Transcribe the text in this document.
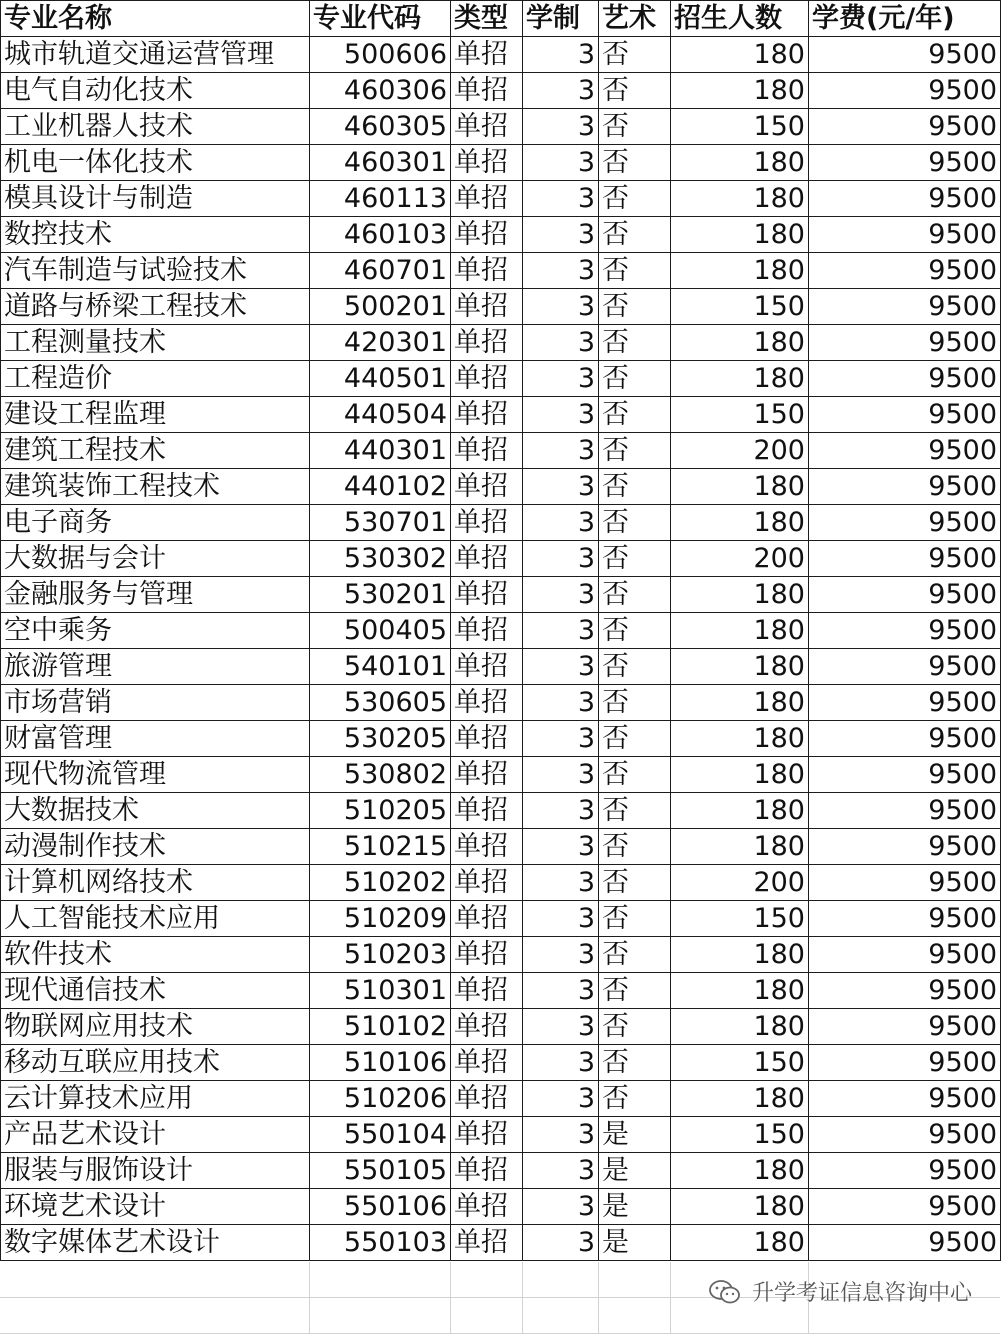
专业名称	专业代码	类型	学制	艺术	招生人数	学费(元/年)
城市轨道交通运营管理	500606	单招	3	否	180	9500
电气自动化技术	460306	单招	3	否	180	9500
工业机器人技术	460305	单招	3	否	150	9500
机电一体化技术	460301	单招	3	否	180	9500
模具设计与制造	460113	单招	3	否	180	9500
数控技术	460103	单招	3	否	180	9500
汽车制造与试验技术	460701	单招	3	否	180	9500
道路与桥梁工程技术	500201	单招	3	否	150	9500
工程测量技术	420301	单招	3	否	180	9500
工程造价	440501	单招	3	否	180	9500
建设工程监理	440504	单招	3	否	150	9500
建筑工程技术	440301	单招	3	否	200	9500
建筑装饰工程技术	440102	单招	3	否	180	9500
电子商务	530701	单招	3	否	180	9500
大数据与会计	530302	单招	3	否	200	9500
金融服务与管理	530201	单招	3	否	180	9500
空中乘务	500405	单招	3	否	180	9500
旅游管理	540101	单招	3	否	180	9500
市场营销	530605	单招	3	否	180	9500
财富管理	530205	单招	3	否	180	9500
现代物流管理	530802	单招	3	否	180	9500
大数据技术	510205	单招	3	否	180	9500
动漫制作技术	510215	单招	3	否	180	9500
计算机网络技术	510202	单招	3	否	200	9500
人工智能技术应用	510209	单招	3	否	150	9500
软件技术	510203	单招	3	否	180	9500
现代通信技术	510301	单招	3	否	180	9500
物联网应用技术	510102	单招	3	否	180	9500
移动互联应用技术	510106	单招	3	否	150	9500
云计算技术应用	510206	单招	3	否	180	9500
产品艺术设计	550104	单招	3	是	150	9500
服装与服饰设计	550105	单招	3	是	180	9500
环境艺术设计	550106	单招	3	是	180	9500
数字媒体艺术设计	550103	单招	3	是	180	9500
升学考证信息咨询中心
